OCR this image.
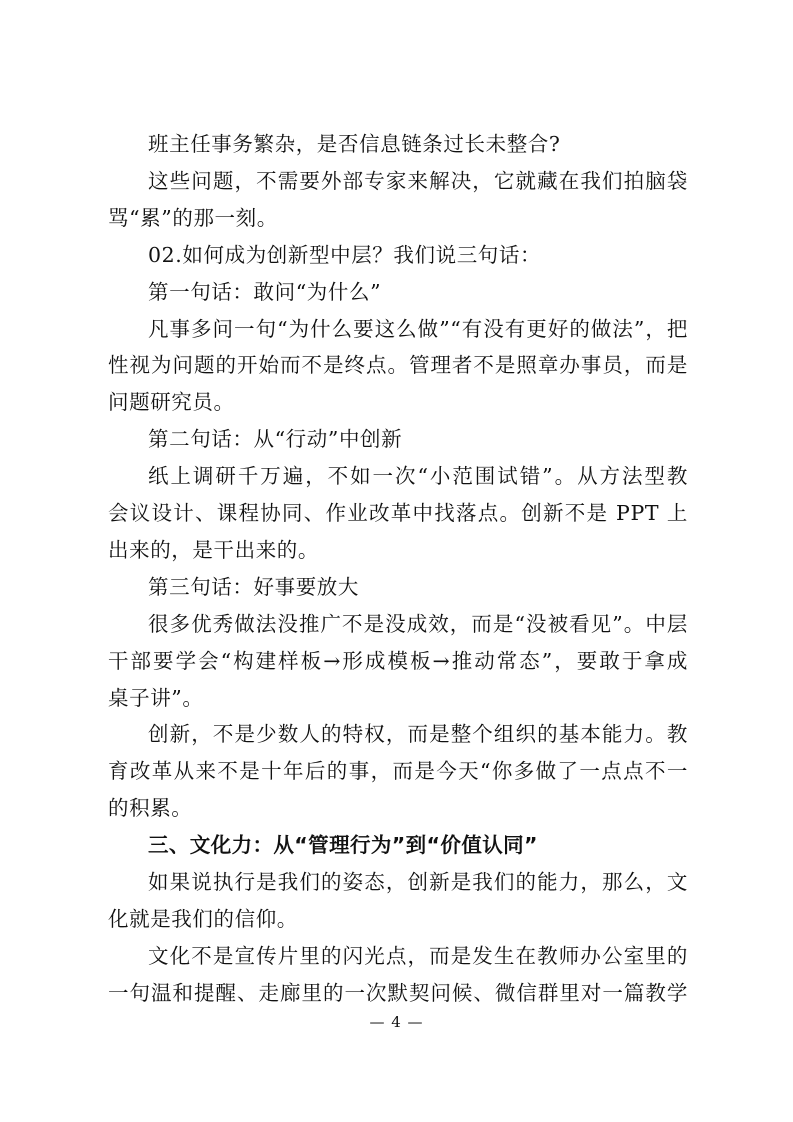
班主任事务繁杂，是否信息链条过长未整合?
这些问题，不需要外部专家来解决，它就藏在我们拍脑袋
骂“累”的那一刻。
02.如何成为创新型中层？我们说三句话：
第一句话：敢问“为什么”
凡事多问一句“为什么要这么做”“有没有更好的做法”，把
性视为问题的开始而不是终点。管理者不是照章办事员，而是
问题研究员。
第二句话：从“行动”中创新
纸上调研千万遍，不如一次“小范围试错”。从方法型教
会议设计、课程协同、作业改革中找落点。创新不是 PPT 上
出来的，是干出来的。
第三句话：好事要放大
很多优秀做法没推广不是没成效，而是“没被看见”。中层
干部要学会“构建样板→形成模板→推动常态”，要敢于拿成
桌子讲”。
创新，不是少数人的特权，而是整个组织的基本能力。教
育改革从来不是十年后的事，而是今天“你多做了一点点不一
的积累。
三、文化力：从“管理行为”到“价值认同”
如果说执行是我们的姿态，创新是我们的能力，那么，文
化就是我们的信仰。
文化不是宣传片里的闪光点，而是发生在教师办公室里的
一句温和提醒、走廊里的一次默契问候、微信群里对一篇教学
— 4 —
